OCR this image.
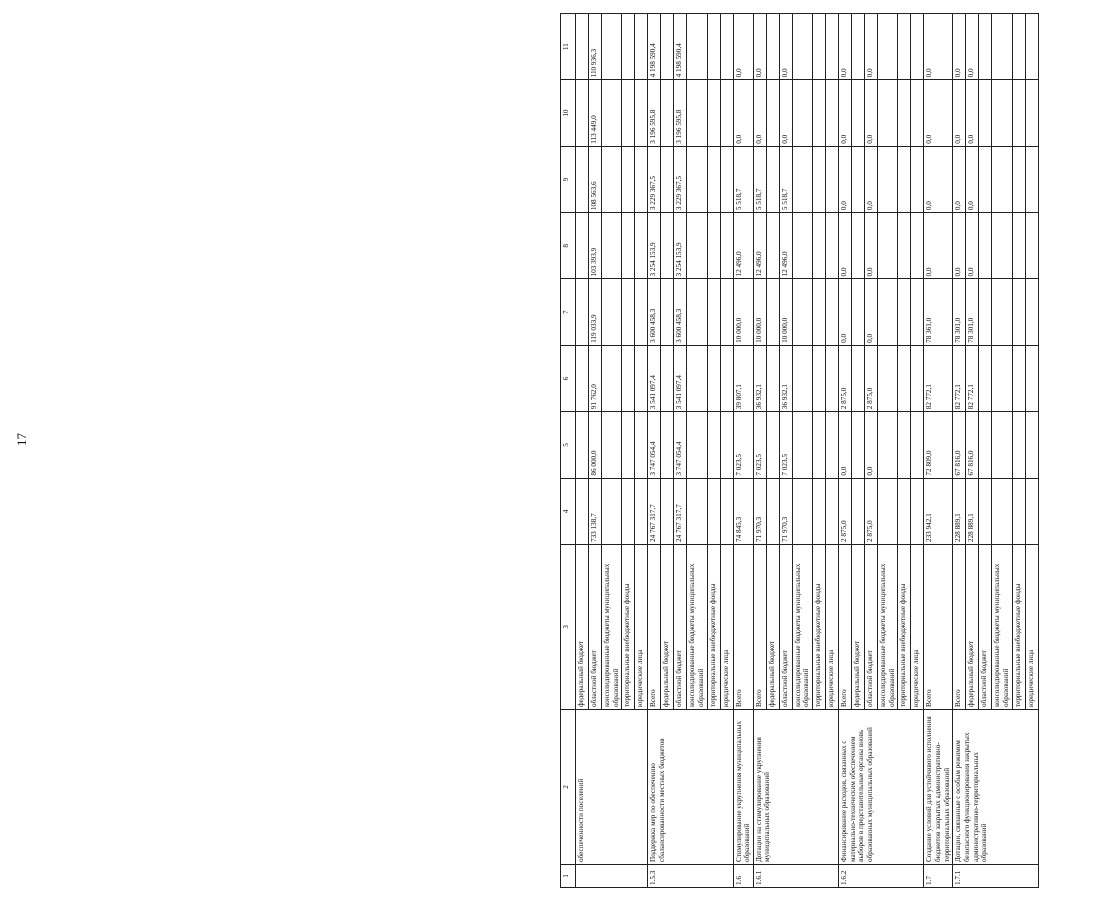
17
1	2	3	4	5	6	7	8	9	10	11
	обеспеченности поселений	федеральный бюджет								
		областной бюджет	733 138,7	86 000,0	91 762,0	119 033,9	103 393,9	108 563,6	113 449,0	110 936,3
		консолидированные бюджеты муниципальных образований								
		территориальные внебюджетные фонды								
		юридические лица								
1.5.3	Поддержка мер по обеспечению сбалансированности местных бюджетов	Всего	24 767 317,7	3 747 054,4	3 541 097,4	3 600 458,3	3 254 153,9	3 229 367,5	3 196 595,8	4 198 590,4
		федеральный бюджет								
		областной бюджет	24 767 317,7	3 747 054,4	3 541 097,4	3 600 458,3	3 254 153,9	3 229 367,5	3 196 595,8	4 198 590,4
		консолидированные бюджеты муниципальных образований								
		территориальные внебюджетные фонды								
		юридические лица								
1.6	Стимулирование укрупнения муниципальных образований	Всего	74 845,3	7 023,5	39 807,1	10 000,0	12 496,0	5 518,7	0,0	0,0
1.6.1	Дотации на стимулирование укрупнения муниципальных образований	Всего	71 970,3	7 023,5	36 932,1	10 000,0	12 496,0	5 518,7	0,0	0,0
		федеральный бюджет								
		областной бюджет	71 970,3	7 023,5	36 932,1	10 000,0	12 496,0	5 518,7	0,0	0,0
		консолидированные бюджеты муниципальных образований								
		территориальные внебюджетные фонды								
		юридические лица								
1.6.2	Финансирование расходов, связанных с материально-техническим обеспечением выборов в представительные органы вновь образованных муниципальных образований	Всего	2 875,0	0,0	2 875,0	0,0	0,0	0,0	0,0	0,0
		федеральный бюджет								
		областной бюджет	2 875,0	0,0	2 875,0	0,0	0,0	0,0	0,0	0,0
		консолидированные бюджеты муниципальных образований								
		территориальные внебюджетные фонды								
		юридические лица								
1.7	Создание условий для устойчивого исполнения бюджетов закрытых административно-территориальных образований	Всего	233 942,1	72 809,0	82 772,1	78 361,0	0,0	0,0	0,0	0,0
1.7.1	Дотации, связанные с особым режимом безопасного функционирования закрытых административно-территориальных образований	Всего	228 889,1	67 816,0	82 772,1	78 301,0	0,0	0,0	0,0	0,0
		федеральный бюджет	228 889,1	67 816,0	82 772,1	78 301,0	0,0	0,0	0,0	0,0
		областной бюджет								
		консолидированные бюджеты муниципальных образований								
		территориальные внебюджетные фонды								
		юридические лица								
